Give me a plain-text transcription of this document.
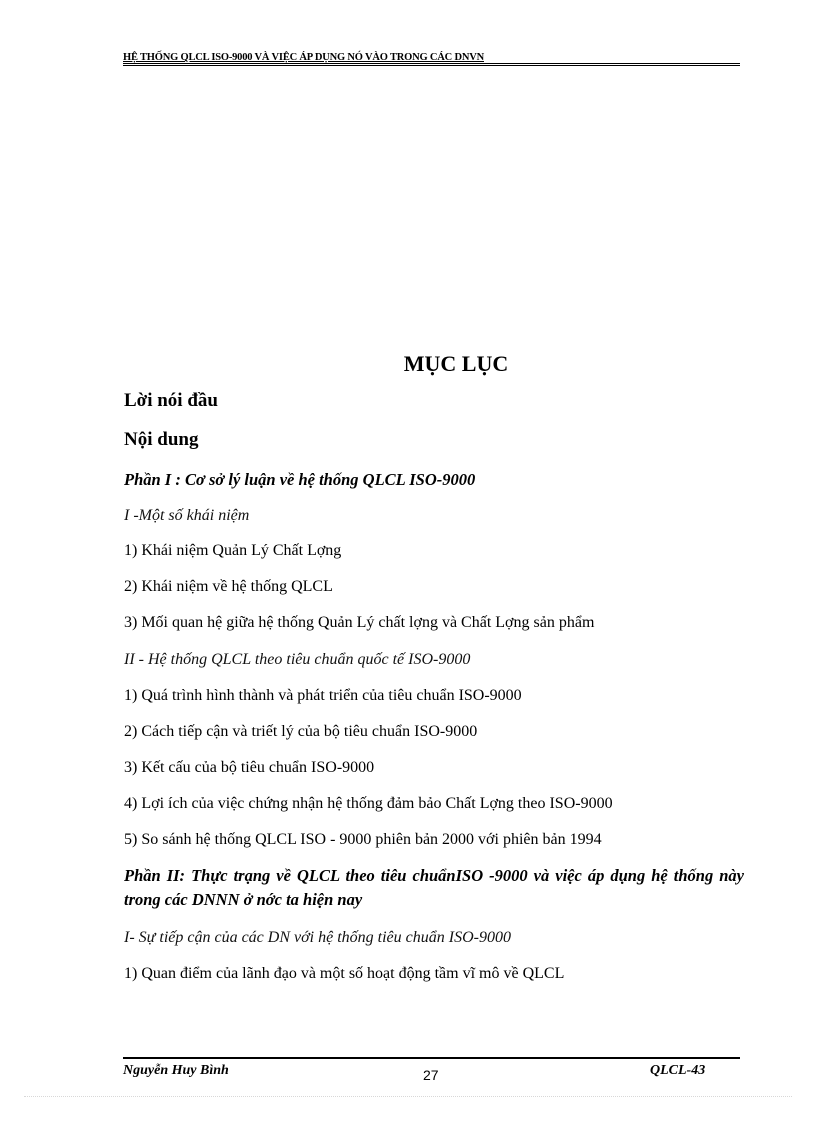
HỆ THỐNG QLCL ISO-9000 VÀ VIỆC ÁP DỤNG NÓ VÀO TRONG CÁC DNVN
MỤC LỤC
Lời nói đầu
Nội dung
Phần I : Cơ sở lý luận về hệ thống QLCL ISO-9000
I -Một số khái niệm
1) Khái niệm Quản Lý Chất Lợng
2) Khái niệm về hệ thống QLCL
3) Mối quan hệ giữa hệ thống Quản Lý chất lợng và Chất Lợng sản phẩm
II - Hệ thống QLCL theo tiêu chuẩn quốc tế ISO-9000
1) Quá trình hình thành và phát triển của tiêu chuẩn ISO-9000
2) Cách tiếp cận và triết lý của bộ tiêu chuẩn ISO-9000
3) Kết cấu của bộ tiêu chuẩn ISO-9000
4) Lợi ích của việc chứng nhận hệ thống đảm bảo Chất Lợng theo ISO-9000
5) So sánh hệ thống QLCL ISO - 9000 phiên bản 2000 với phiên bản 1994
Phần II: Thực trạng về QLCL theo tiêu chuẩnISO -9000 và việc áp dụng hệ thống này trong các DNNN ở nớc ta hiện nay
I- Sự tiếp cận của các DN với hệ thống tiêu chuẩn ISO-9000
1) Quan điểm của lãnh đạo và một số hoạt động tầm vĩ mô về QLCL
Nguyễn Huy Bình	27	QLCL-43
